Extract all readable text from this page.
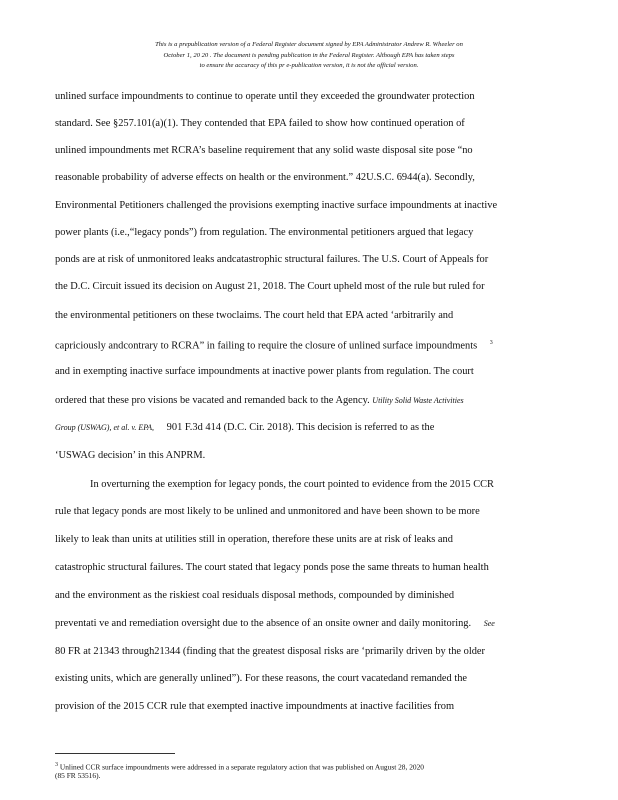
This is a prepublication version of a Federal Register document signed by EPA Administrator Andrew R. Wheeler on
October 1, 20 20 . The document is pending publication in the Federal Register. Although EPA has taken steps
to ensure the accuracy of this pr e-publication version, it is not the official version.
unlined surface impoundments to continue to operate until they exceeded the groundwater protection
standard. See §257.101(a)(1). They contended that EPA failed to show how continued operation of
unlined impoundments met RCRA’s baseline requirement that any solid waste disposal site pose “no
reasonable probability of adverse effects on health or the environment.” 42U.S.C. 6944(a). Secondly,
Environmental Petitioners challenged the provisions exempting inactive surface impoundments at inactive
power plants (i.e.,“legacy ponds”) from regulation. The environmental petitioners argued that legacy
ponds are at risk of unmonitored leaks andcatastrophic structural failures. The U.S. Court of Appeals for
the D.C. Circuit issued its decision on August 21, 2018. The Court upheld most of the rule but ruled for
the environmental petitioners on these twoclaims. The court held that EPA acted ‘arbitrarily and
capriciously andcontrary to RCRA” in failing to require the closure of unlined surface impoundments $^3$
and in exempting inactive surface impoundments at inactive power plants from regulation. The court
ordered that these pro visions be vacated and remanded back to the Agency. Utility Solid Waste Activities
Group (USWAG), et al. v. EPA, 901 F.3d 414 (D.C. Cir. 2018). This decision is referred to as the
‘USWAG decision’ in this ANPRM.
In overturning the exemption for legacy ponds, the court pointed to evidence from the 2015 CCR
rule that legacy ponds are most likely to be unlined and unmonitored and have been shown to be more
likely to leak than units at utilities still in operation, therefore these units are at risk of leaks and
catastrophic structural failures. The court stated that legacy ponds pose the same threats to human health
and the environment as the riskiest coal residuals disposal methods, compounded by diminished
preventati ve and remediation oversight due to the absence of an onsite owner and daily monitoring. See
80 FR at 21343 through21344 (finding that the greatest disposal risks are ‘primarily driven by the older
existing units, which are generally unlined”). For these reasons, the court vacatedand remanded the
provision of the 2015 CCR rule that exempted inactive impoundments at inactive facilities from
$^3$ Unlined CCR surface impoundments were addressed in a separate regulatory action that was published on August 28, 2020
(85 FR 53516).
